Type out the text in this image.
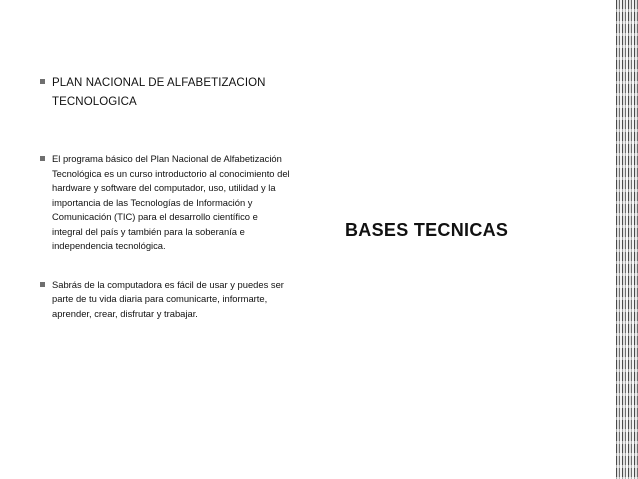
PLAN NACIONAL DE ALFABETIZACION TECNOLOGICA
El programa básico del Plan Nacional de Alfabetización Tecnológica es un curso introductorio al conocimiento del hardware y software del computador, uso, utilidad y la importancia de las Tecnologías de Información y Comunicación (TIC) para el desarrollo científico e integral del país y también para la soberanía e independencia tecnológica.
Sabrás de la computadora es fácil de usar y puedes ser parte de tu vida diaria para comunicarte, informarte, aprender, crear, disfrutar y trabajar.
BASES TECNICAS
